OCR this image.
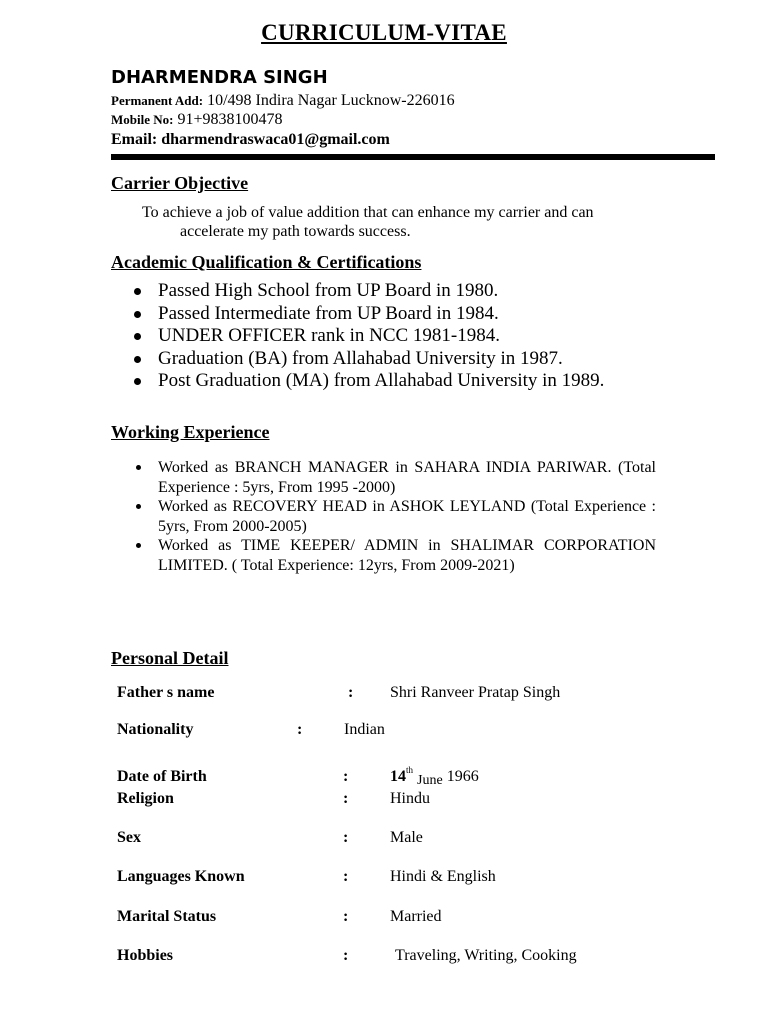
CURRICULUM-VITAE
DHARMENDRA SINGH
Permanent Add: 10/498 Indira Nagar Lucknow-226016
Mobile No: 91+9838100478
Email: dharmendraswaca01@gmail.com
Carrier Objective
To achieve a job of value addition that can enhance my carrier and can
accelerate my path towards success.
Academic Qualification & Certifications
Passed High School from UP Board in 1980.
Passed Intermediate from UP Board in 1984.
UNDER OFFICER rank in NCC 1981-1984.
Graduation (BA) from Allahabad University in 1987.
Post Graduation (MA) from Allahabad University in 1989.
Working Experience
Worked as BRANCH MANAGER in SAHARA INDIA PARIWAR. (Total Experience : 5yrs, From 1995 -2000)
Worked as RECOVERY HEAD in ASHOK LEYLAND (Total Experience : 5yrs, From 2000-2005)
Worked as TIME KEEPER/ ADMIN in SHALIMAR CORPORATION LIMITED. ( Total Experience: 12yrs, From 2009-2021)
Personal Detail
Father s name	: Shri Ranveer Pratap Singh
Nationality	:	Indian
Date of Birth	:	14th June 1966
Religion	:	Hindu
Sex	:	Male
Languages Known	:	Hindi & English
Marital Status	:	Married
Hobbies	:	Traveling, Writing, Cooking
